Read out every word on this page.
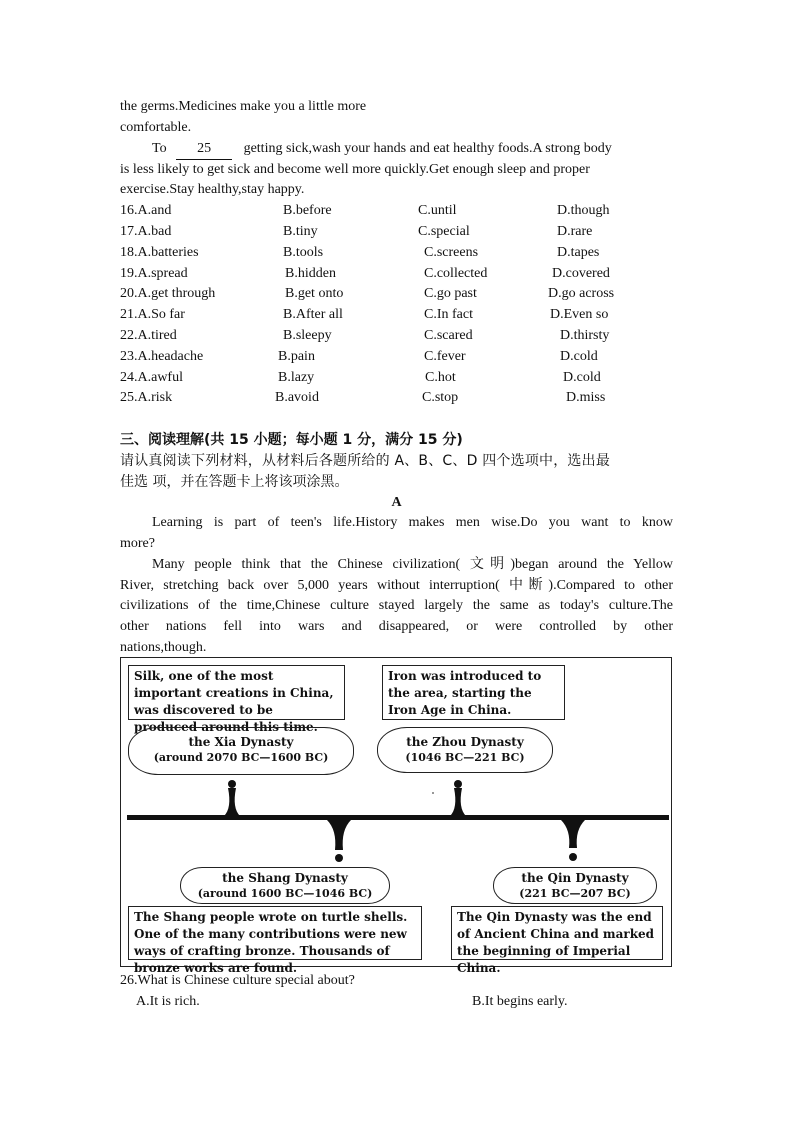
the germs.Medicines make you a little more
comfortable.
To 25 getting sick,wash your hands and eat healthy foods.A strong body
is less likely to get sick and become well more quickly.Get enough sleep and proper
exercise.Stay healthy,stay happy.
16.A.and	B.before	C.until	D.though
17.A.bad	B.tiny	C.special	D.rare
18.A.batteries	B.tools	C.screens	D.tapes
19.A.spread	B.hidden	C.collected	D.covered
20.A.get through	B.get onto	C.go past	D.go across
21.A.So far	B.After all	C.In fact	D.Even so
22.A.tired	B.sleepy	C.scared	D.thirsty
23.A.headache	B.pain	C.fever	D.cold
24.A.awful	B.lazy	C.hot	D.cold
25.A.risk	B.avoid	C.stop	D.miss
三、阅读理解(共 15 小题；每小题 1 分，满分 15 分)
请认真阅读下列材料，从材料后各题所给的 A、B、C、D 四个选项中，选出最
佳选 项，并在答题卡上将该项涂黑。
A
Learning is part of teen's life.History makes men wise.Do you want to know
more?
Many people think that the Chinese civilization( 文明)began around the Yellow
River, stretching back over 5,000 years without interruption( 中断).Compared to other
civilizations of the time,Chinese culture stayed largely the same as today's culture.The
other nations fell into wars and disappeared, or were controlled by other
nations,though.
Silk, one of the most important creations in China, was discovered to be produced around this time.
Iron was introduced to the area, starting the Iron Age in China.
the Xia Dynasty
(around 2070 BC—1600 BC)
the Zhou Dynasty
(1046 BC—221 BC)
the Shang Dynasty
(around 1600 BC—1046 BC)
the Qin Dynasty
(221 BC—207 BC)
The Shang people wrote on turtle shells. One of the many contributions were new ways of crafting bronze. Thousands of bronze works are found.
The Qin Dynasty was the end of Ancient China and marked the beginning of Imperial China.
26.What is Chinese culture special about?
A.It is rich.	B.It begins early.
